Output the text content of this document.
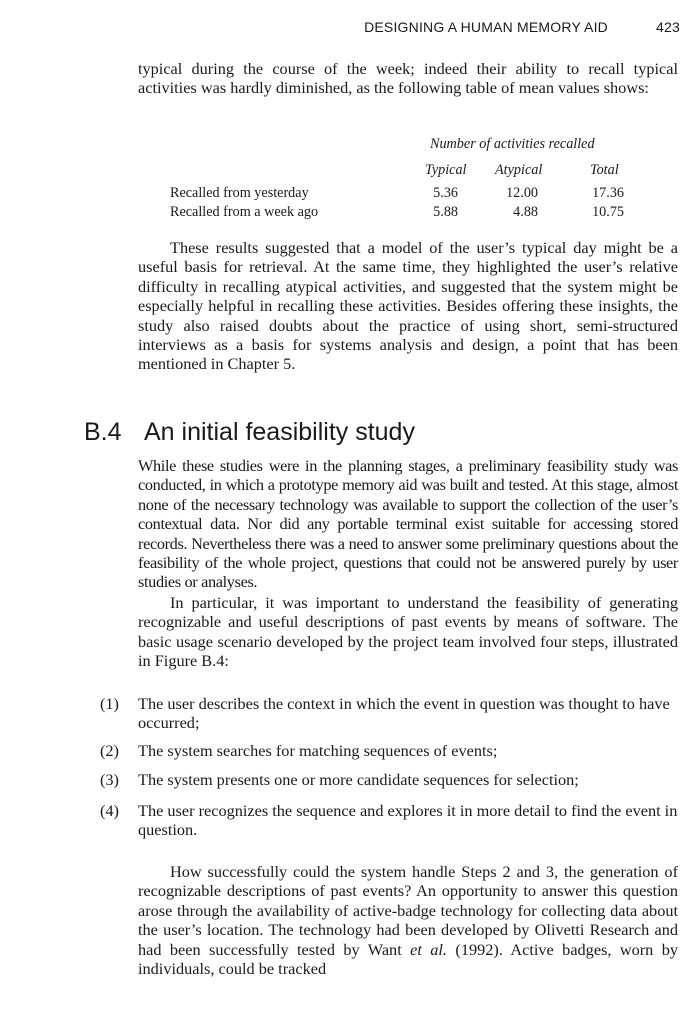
DESIGNING A HUMAN MEMORY AID	423

typical during the course of the week; indeed their ability to recall typical activities was hardly diminished, as the following table of mean values shows:

Number of activities recalled
Typical Atypical	Total
Recalled from yesterday	5.36	12.00	17.36
Recalled from a week ago	5.88	4.88	10.75

These results suggested that a model of the user’s typical day might be a useful basis for retrieval. At the same time, they highlighted the user’s relative difficulty in recalling atypical activities, and suggested that the system might be especially helpful in recalling these activities. Besides offering these insights, the study also raised doubts about the practice of using short, semi-structured interviews as a basis for systems analysis and design, a point that has been mentioned in Chapter 5.

B.4 An initial feasibility study

While these studies were in the planning stages, a preliminary feasibility study was conducted, in which a prototype memory aid was built and tested. At this stage, almost none of the necessary technology was available to support the collection of the user’s contextual data. Nor did any portable terminal exist suitable for accessing stored records. Nevertheless there was a need to answer some preliminary questions about the feasibility of the whole project, questions that could not be answered purely by user studies or analyses.

In particular, it was important to understand the feasibility of generating recognizable and useful descriptions of past events by means of software. The basic usage scenario developed by the project team involved four steps, illustrated in Figure B.4:

(1) The user describes the context in which the event in question was thought to have occurred;
(2) The system searches for matching sequences of events;
(3) The system presents one or more candidate sequences for selection;
(4) The user recognizes the sequence and explores it in more detail to find the event in question.

How successfully could the system handle Steps 2 and 3, the generation of recognizable descriptions of past events? An opportunity to answer this question arose through the availability of active-badge technology for collecting data about the user’s location. The technology had been developed by Olivetti Research and had been successfully tested by Want et al. (1992). Active badges, worn by individuals, could be tracked
